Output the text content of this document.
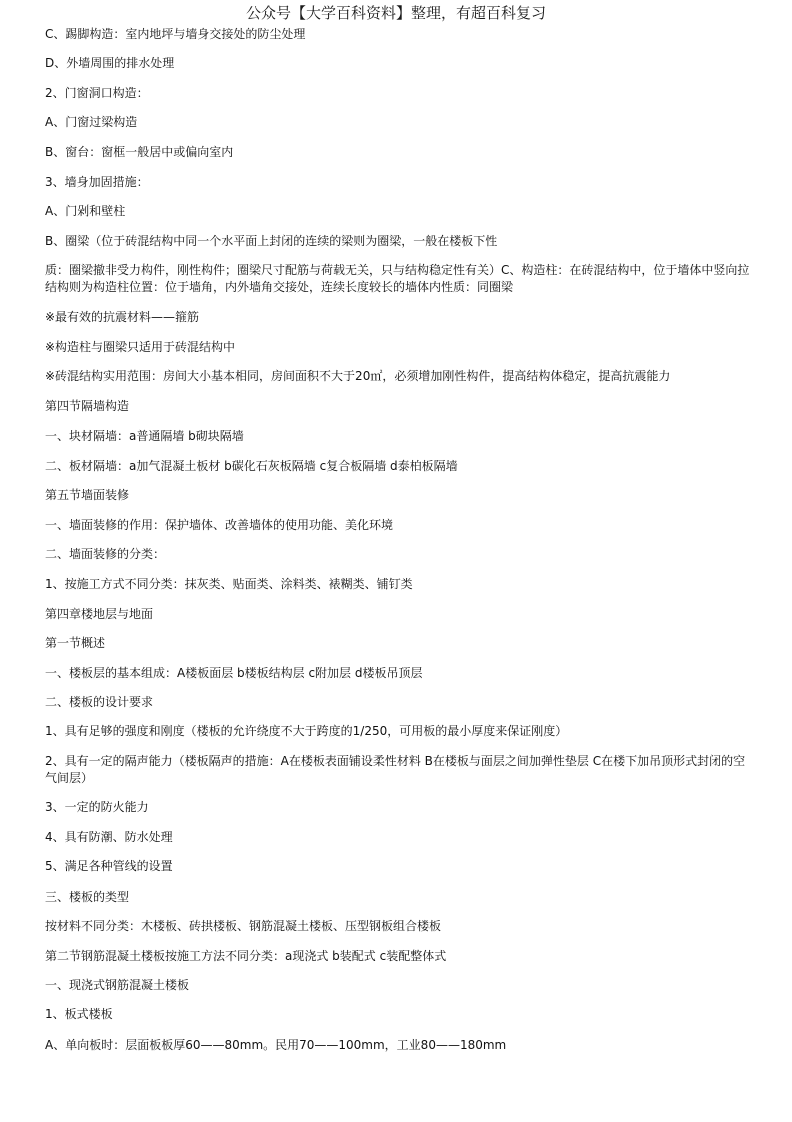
公众号【大学百科资料】整理，有超百科复习
C、踢脚构造：室内地坪与墙身交接处的防尘处理
D、外墙周围的排水处理
2、门窗洞口构造：
A、门窗过梁构造
B、窗台：窗框一般居中或偏向室内
3、墙身加固措施：
A、门剁和壁柱
B、圈梁（位于砖混结构中同一个水平面上封闭的连续的梁则为圈梁，一般在楼板下性
质：圈梁撤非受力构件，刚性构件；圈梁尺寸配筋与荷载无关，只与结构稳定性有关）C、构造柱：在砖混结构中，位于墙体中竖向拉结构则为构造柱位置：位于墙角，内外墙角交接处，连续长度较长的墙体内性质：同圈梁
※最有效的抗震材料——箍筋
※构造柱与圈梁只适用于砖混结构中
※砖混结构实用范围：房间大小基本相同，房间面积不大于20㎡，必须增加刚性构件，提高结构体稳定，提高抗震能力
第四节隔墙构造
一、块材隔墙：a普通隔墙 b砌块隔墙
二、板材隔墙：a加气混凝土板材 b碳化石灰板隔墙 c复合板隔墙 d泰柏板隔墙
第五节墙面装修
一、墙面装修的作用：保护墙体、改善墙体的使用功能、美化环境
二、墙面装修的分类：
1、按施工方式不同分类：抹灰类、贴面类、涂料类、裱糊类、铺钉类
第四章楼地层与地面
第一节概述
一、楼板层的基本组成：A楼板面层 b楼板结构层 c附加层 d楼板吊顶层
二、楼板的设计要求
1、具有足够的强度和刚度（楼板的允许绕度不大于跨度的1/250，可用板的最小厚度来保证刚度）
2、具有一定的隔声能力（楼板隔声的措施：A在楼板表面铺设柔性材料 B在楼板与面层之间加弹性垫层 C在楼下加吊顶形式封闭的空气间层）
3、一定的防火能力
4、具有防潮、防水处理
5、满足各种管线的设置
三、楼板的类型
按材料不同分类：木楼板、砖拱楼板、钢筋混凝土楼板、压型钢板组合楼板
第二节钢筋混凝土楼板按施工方法不同分类：a现浇式 b装配式 c装配整体式
一、现浇式钢筋混凝土楼板
1、板式楼板
A、单向板时：层面板板厚60——80mm。民用70——100mm，工业80——180mm
